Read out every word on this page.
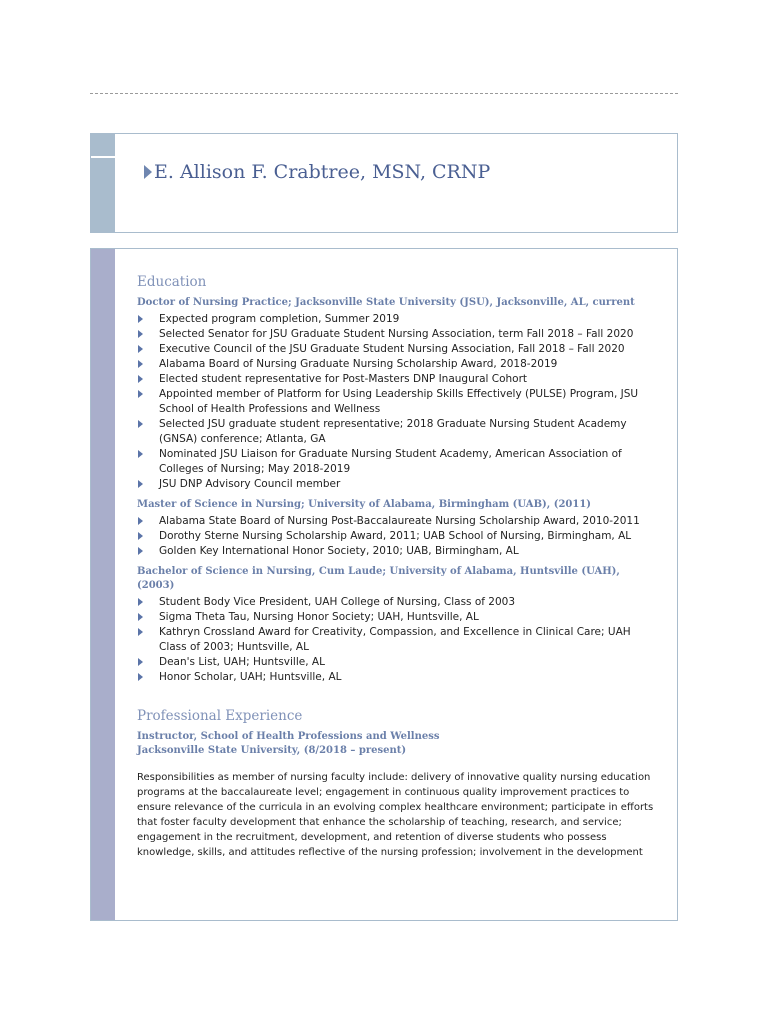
E. Allison F. Crabtree, MSN, CRNP
Education
Doctor of Nursing Practice; Jacksonville State University (JSU), Jacksonville, AL, current
Expected program completion, Summer 2019
Selected Senator for JSU Graduate Student Nursing Association, term Fall 2018 – Fall 2020
Executive Council of the JSU Graduate Student Nursing Association, Fall 2018 – Fall 2020
Alabama Board of Nursing Graduate Nursing Scholarship Award, 2018-2019
Elected student representative for Post-Masters DNP Inaugural Cohort
Appointed member of Platform for Using Leadership Skills Effectively (PULSE) Program, JSU School of Health Professions and Wellness
Selected JSU graduate student representative; 2018 Graduate Nursing Student Academy (GNSA) conference; Atlanta, GA
Nominated JSU Liaison for Graduate Nursing Student Academy, American Association of Colleges of Nursing; May 2018-2019
JSU DNP Advisory Council member
Master of Science in Nursing; University of Alabama, Birmingham (UAB), (2011)
Alabama State Board of Nursing Post-Baccalaureate Nursing Scholarship Award, 2010-2011
Dorothy Sterne Nursing Scholarship Award, 2011; UAB School of Nursing, Birmingham, AL
Golden Key International Honor Society, 2010; UAB, Birmingham, AL
Bachelor of Science in Nursing, Cum Laude; University of Alabama, Huntsville (UAH), (2003)
Student Body Vice President, UAH College of Nursing, Class of 2003
Sigma Theta Tau, Nursing Honor Society; UAH, Huntsville, AL
Kathryn Crossland Award for Creativity, Compassion, and Excellence in Clinical Care; UAH Class of 2003; Huntsville, AL
Dean's List, UAH; Huntsville, AL
Honor Scholar, UAH; Huntsville, AL
Professional Experience
Instructor, School of Health Professions and Wellness
Jacksonville State University, (8/2018 – present)
Responsibilities as member of nursing faculty include: delivery of innovative quality nursing education programs at the baccalaureate level; engagement in continuous quality improvement practices to ensure relevance of the curricula in an evolving complex healthcare environment; participate in efforts that foster faculty development that enhance the scholarship of teaching, research, and service; engagement in the recruitment, development, and retention of diverse students who possess knowledge, skills, and attitudes reflective of the nursing profession; involvement in the development
